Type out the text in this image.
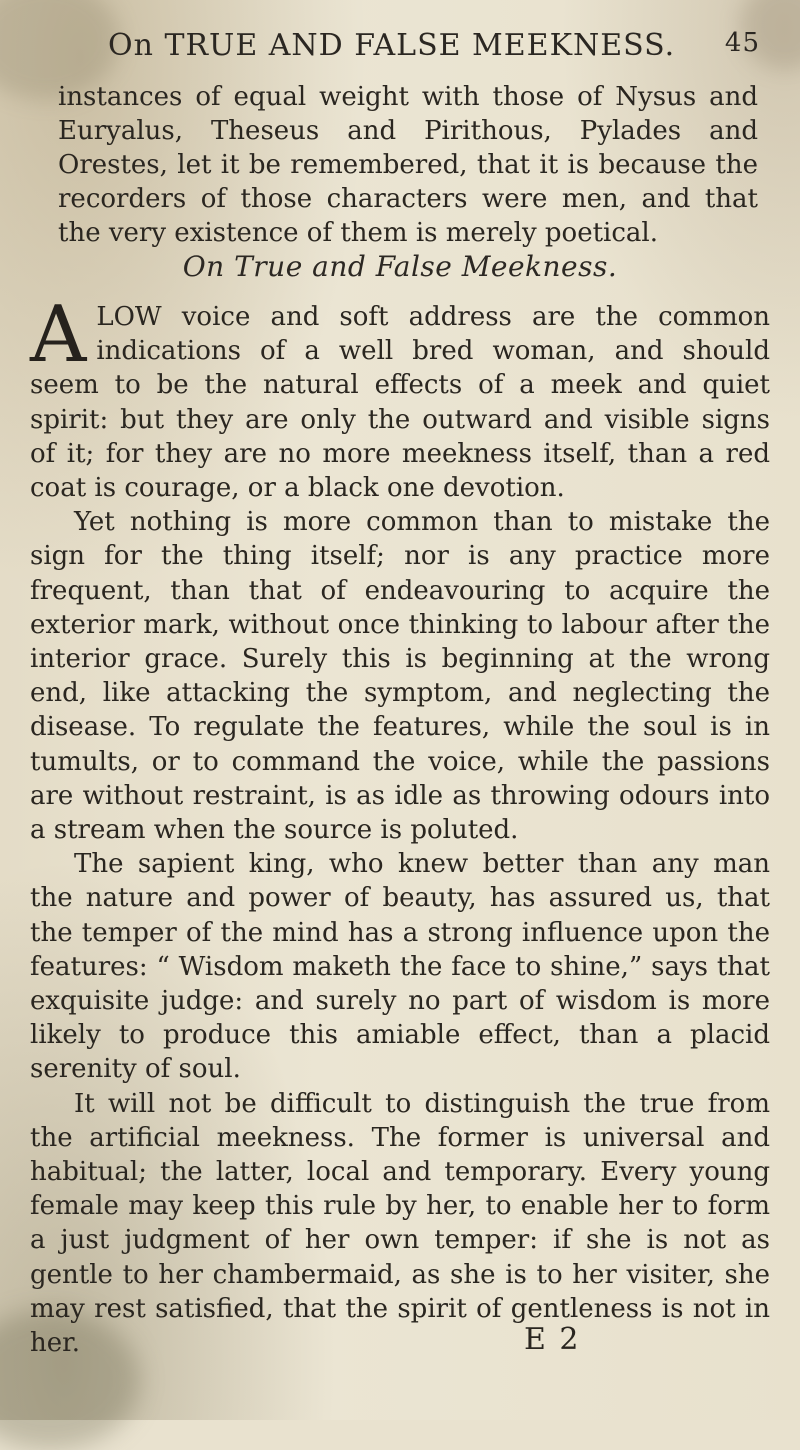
On TRUE AND FALSE MEEKNESS. 45

instances of equal weight with those of Nysus and Euryalus, Theseus and Pirithous, Pylades and Orestes, let it be remembered, that it is because the recorders of those characters were men, and that the very existence of them is merely poetical.

On True and False Meekness.

ALOW voice and soft address are the common indications of a well bred woman, and should seem to be the natural effects of a meek and quiet spirit: but they are only the outward and visible signs of it; for they are no more meekness itself, than a red coat is courage, or a black one devotion.

Yet nothing is more common than to mistake the sign for the thing itself; nor is any practice more frequent, than that of endeavouring to acquire the exterior mark, without once thinking to labour after the interior grace. Surely this is beginning at the wrong end, like attacking the symptom, and neglecting the disease. To regulate the features, while the soul is in tumults, or to command the voice, while the passions are without restraint, is as idle as throwing odours into a stream when the source is poluted.

The sapient king, who knew better than any man the nature and power of beauty, has assured us, that the temper of the mind has a strong influence upon the features: “ Wisdom maketh the face to shine,” says that exquisite judge: and surely no part of wisdom is more likely to produce this amiable effect, than a placid serenity of soul.

It will not be difficult to distinguish the true from the artificial meekness. The former is universal and habitual; the latter, local and temporary. Every young female may keep this rule by her, to enable her to form a just judgment of her own temper: if she is not as gentle to her chambermaid, as she is to her visiter, she may rest satisfied, that the spirit of gentleness is not in her.	E 2
